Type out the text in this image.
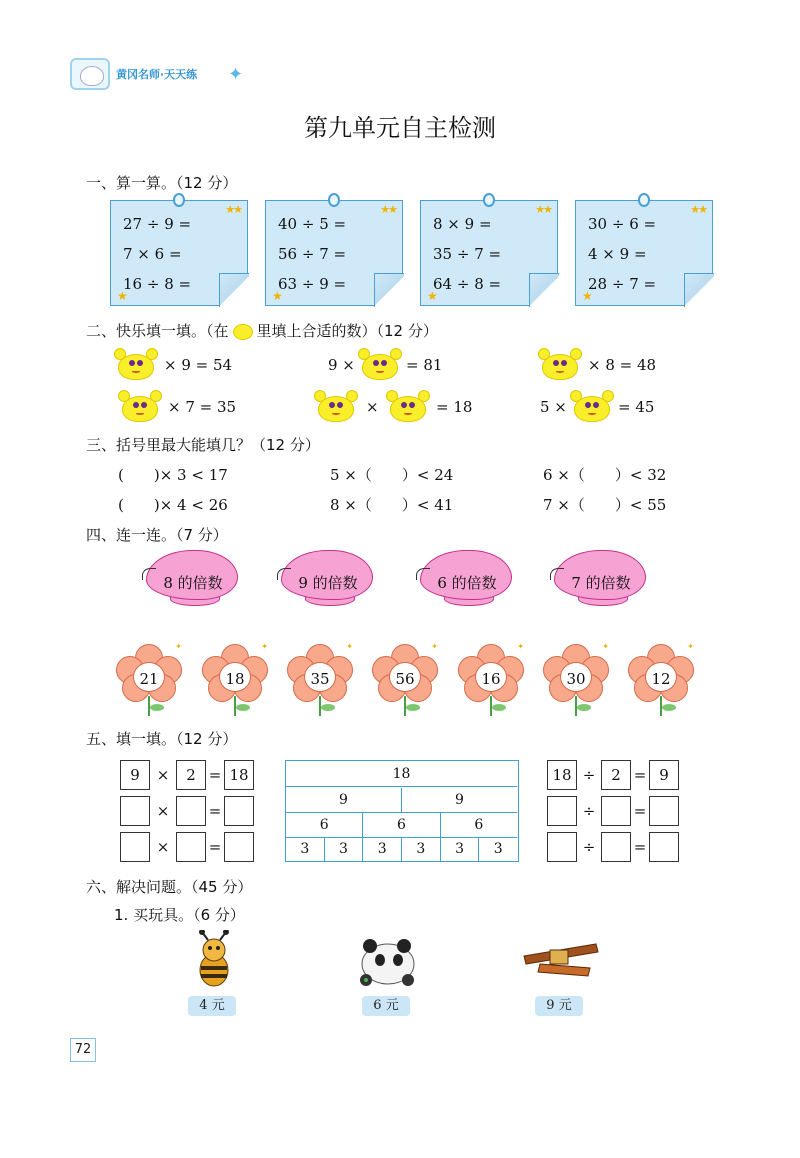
黄冈名师·天天练 ✦
第九单元自主检测
一、算一算。（12 分）
★★
27 ÷ 9 =
7 × 6 =
16 ÷ 8 =
★
★★
40 ÷ 5 =
56 ÷ 7 =
63 ÷ 9 =
★
★★
8 × 9 =
35 ÷ 7 =
64 ÷ 8 =
★
★★
30 ÷ 6 =
4 × 9 =
28 ÷ 7 =
★
二、快乐填一填。（在 里填上合适的数）（12 分）
× 9 = 54	9 ×	= 81	× 8 = 48
× 7 = 35	×	= 18	5 ×	= 45
三、括号里最大能填几？（12 分）
(　　)× 3 < 17	5 ×（　　）< 24	6 ×（　　）< 32
(　　)× 4 < 26	8 ×（　　）< 41	7 ×（　　）< 55
四、连一连。（7 分）
8 的倍数	9 的倍数	6 的倍数	7 的倍数
21
✦
18
✦
35
✦
56
✦
16
✦
30
✦
12
✦
五、填一填。（12 分）
9	×	2 = 18
×	=
×	=
18
9	9
6	6	6
3	3	3	3	3	3
18 ÷	2 = 9
÷	=
÷	=
六、解决问题。（45 分）
1. 买玩具。（6 分）
4 元	6 元	9 元
72
